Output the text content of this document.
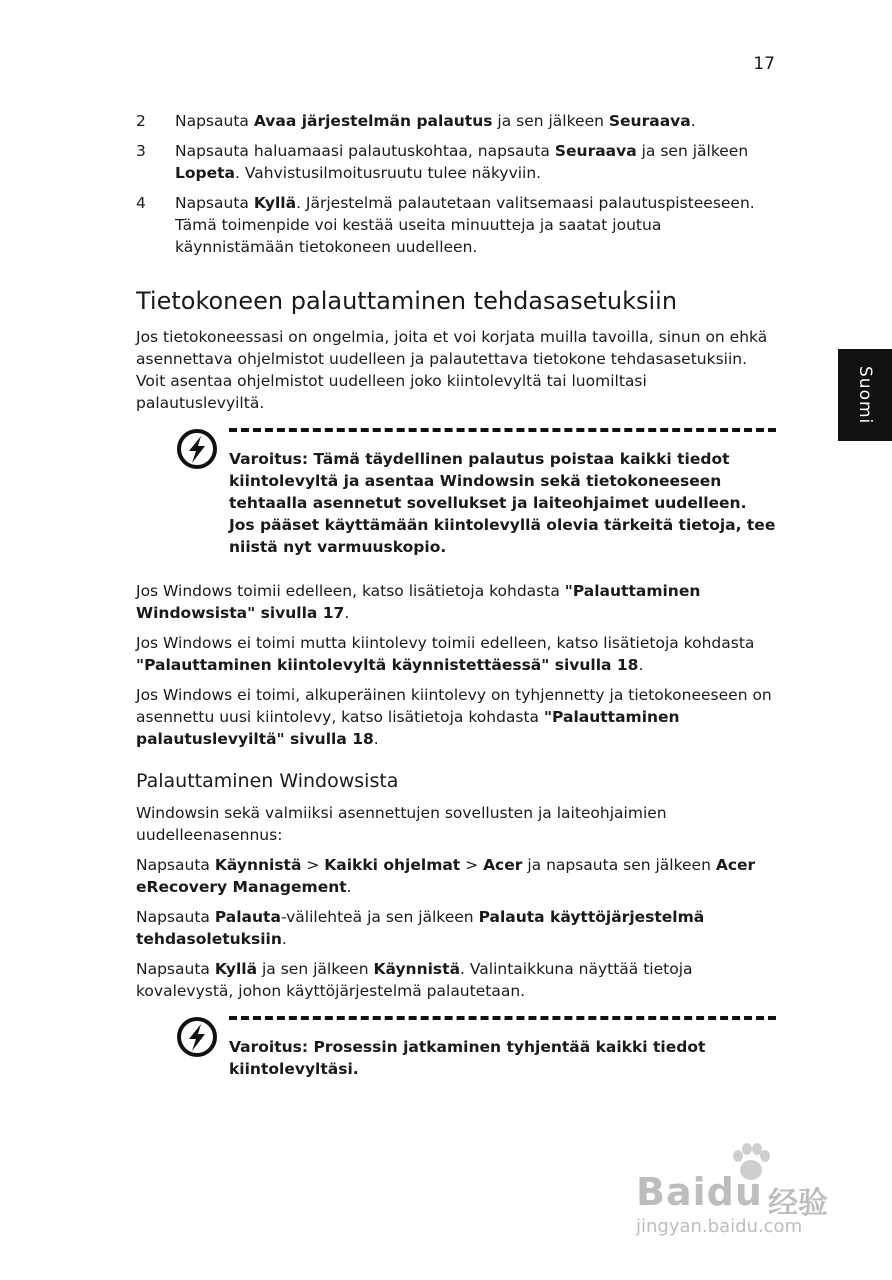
17
Suomi
2	Napsauta Avaa järjestelmän palautus ja sen jälkeen Seuraava.
3	Napsauta haluamaasi palautuskohtaa, napsauta Seuraava ja sen jälkeen Lopeta. Vahvistusilmoitusruutu tulee näkyviin.
4	Napsauta Kyllä. Järjestelmä palautetaan valitsemaasi palautuspisteeseen. Tämä toimenpide voi kestää useita minuutteja ja saatat joutua käynnistämään tietokoneen uudelleen.
Tietokoneen palauttaminen tehdasasetuksiin

Jos tietokoneessasi on ongelmia, joita et voi korjata muilla tavoilla, sinun on ehkä asennettava ohjelmistot uudelleen ja palautettava tietokone tehdasasetuksiin. Voit asentaa ohjelmistot uudelleen joko kiintolevyltä tai luomiltasi palautuslevyiltä.

Varoitus: Tämä täydellinen palautus poistaa kaikki tiedot kiintolevyltä ja asentaa Windowsin sekä tietokoneeseen tehtaalla asennetut sovellukset ja laiteohjaimet uudelleen. Jos pääset käyttämään kiintolevyllä olevia tärkeitä tietoja, tee niistä nyt varmuuskopio.

Jos Windows toimii edelleen, katso lisätietoja kohdasta "Palauttaminen Windowsista" sivulla 17.

Jos Windows ei toimi mutta kiintolevy toimii edelleen, katso lisätietoja kohdasta "Palauttaminen kiintolevyltä käynnistettäessä" sivulla 18.

Jos Windows ei toimi, alkuperäinen kiintolevy on tyhjennetty ja tietokoneeseen on asennettu uusi kiintolevy, katso lisätietoja kohdasta "Palauttaminen palautuslevyiltä" sivulla 18.

Palauttaminen Windowsista

Windowsin sekä valmiiksi asennettujen sovellusten ja laiteohjaimien uudelleenasennus:

Napsauta Käynnistä > Kaikki ohjelmat > Acer ja napsauta sen jälkeen Acer eRecovery Management.

Napsauta Palauta-välilehteä ja sen jälkeen Palauta käyttöjärjestelmä tehdasoletuksiin.

Napsauta Kyllä ja sen jälkeen Käynnistä. Valintaikkuna näyttää tietoja kovalevystä, johon käyttöjärjestelmä palautetaan.

Varoitus: Prosessin jatkaminen tyhjentää kaikki tiedot kiintolevyltäsi.
Baidu 经验
jingyan.baidu.com
